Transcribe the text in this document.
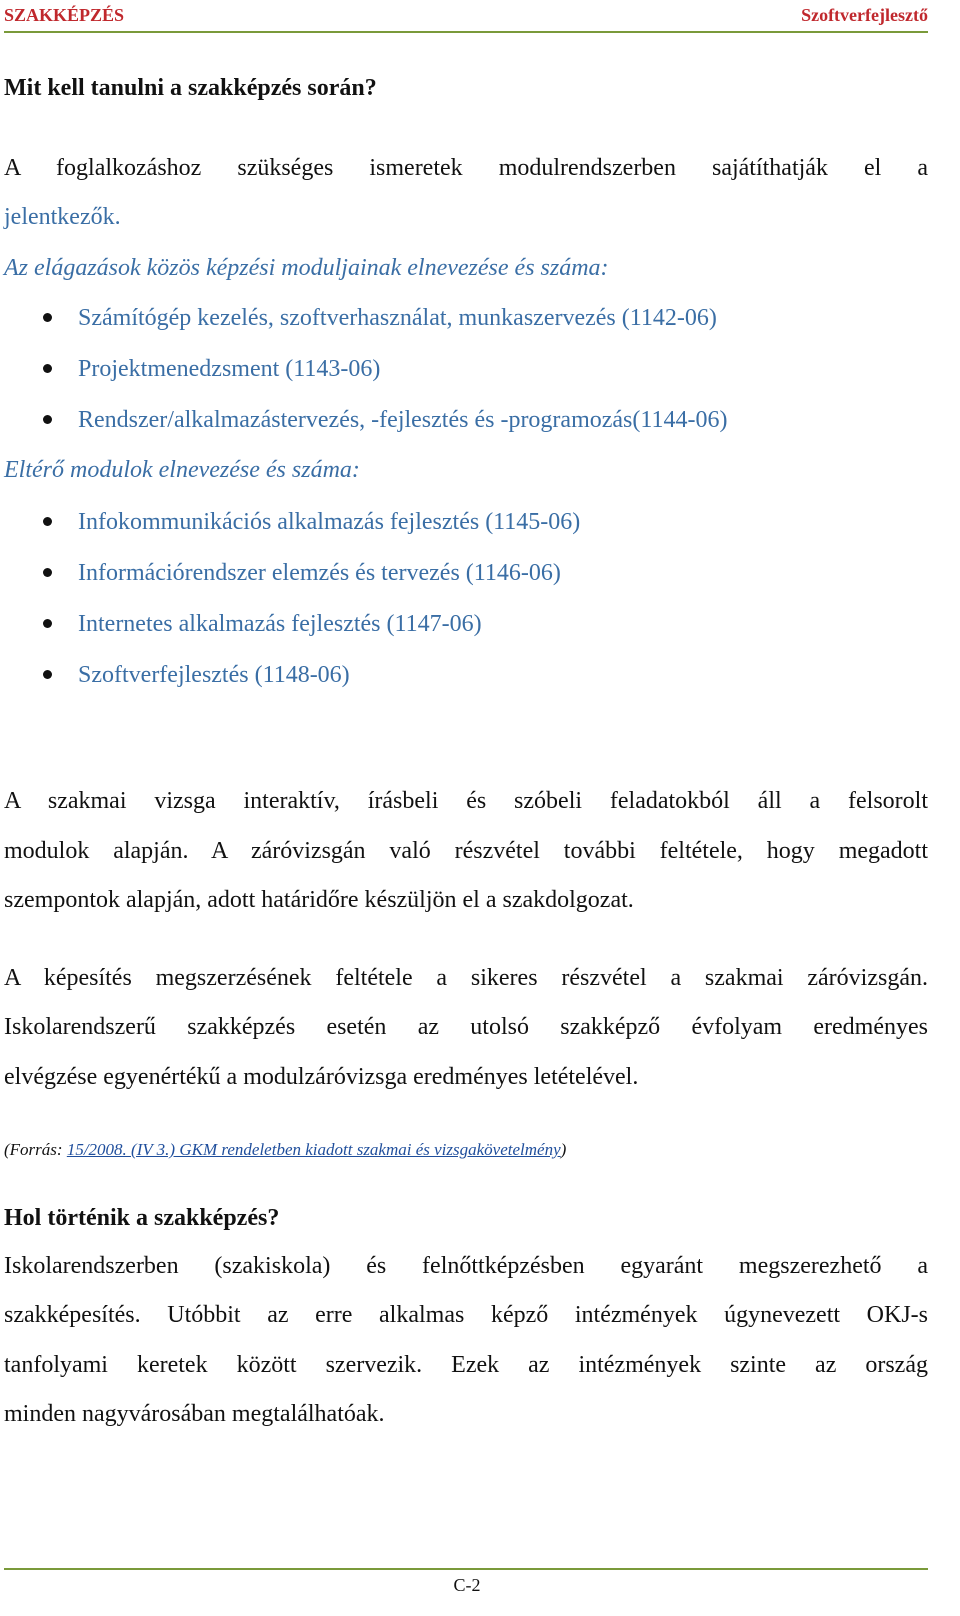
SZAKKÉPZÉS	Szoftverfejlesztő
Mit kell tanulni a szakképzés során?
A foglalkozáshoz szükséges ismeretek modulrendszerben sajátíthatják el a
jelentkezők.
Az elágazások közös képzési moduljainak elnevezése és száma:
Számítógép kezelés, szoftverhasználat, munkaszervezés (1142-06)
Projektmenedzsment (1143-06)
Rendszer/alkalmazástervezés, -fejlesztés és -programozás(1144-06)
Eltérő modulok elnevezése és száma:
Infokommunikációs alkalmazás fejlesztés (1145-06)
Információrendszer elemzés és tervezés (1146-06)
Internetes alkalmazás fejlesztés (1147-06)
Szoftverfejlesztés (1148-06)
A szakmai vizsga interaktív, írásbeli és szóbeli feladatokból áll a felsorolt
modulok alapján. A záróvizsgán való részvétel további feltétele, hogy megadott
szempontok alapján, adott határidőre készüljön el a szakdolgozat.
A képesítés megszerzésének feltétele a sikeres részvétel a szakmai záróvizsgán.
Iskolarendszerű szakképzés esetén az utolsó szakképző évfolyam eredményes
elvégzése egyenértékű a modulzáróvizsga eredményes letételével.
(Forrás: 15/2008. (IV 3.) GKM rendeletben kiadott szakmai és vizsgakövetelmény)
Hol történik a szakképzés?
Iskolarendszerben (szakiskola) és felnőttképzésben egyaránt megszerezhető a
szakképesítés. Utóbbit az erre alkalmas képző intézmények úgynevezett OKJ-s
tanfolyami keretek között szervezik. Ezek az intézmények szinte az ország
minden nagyvárosában megtalálhatóak.
C-2
